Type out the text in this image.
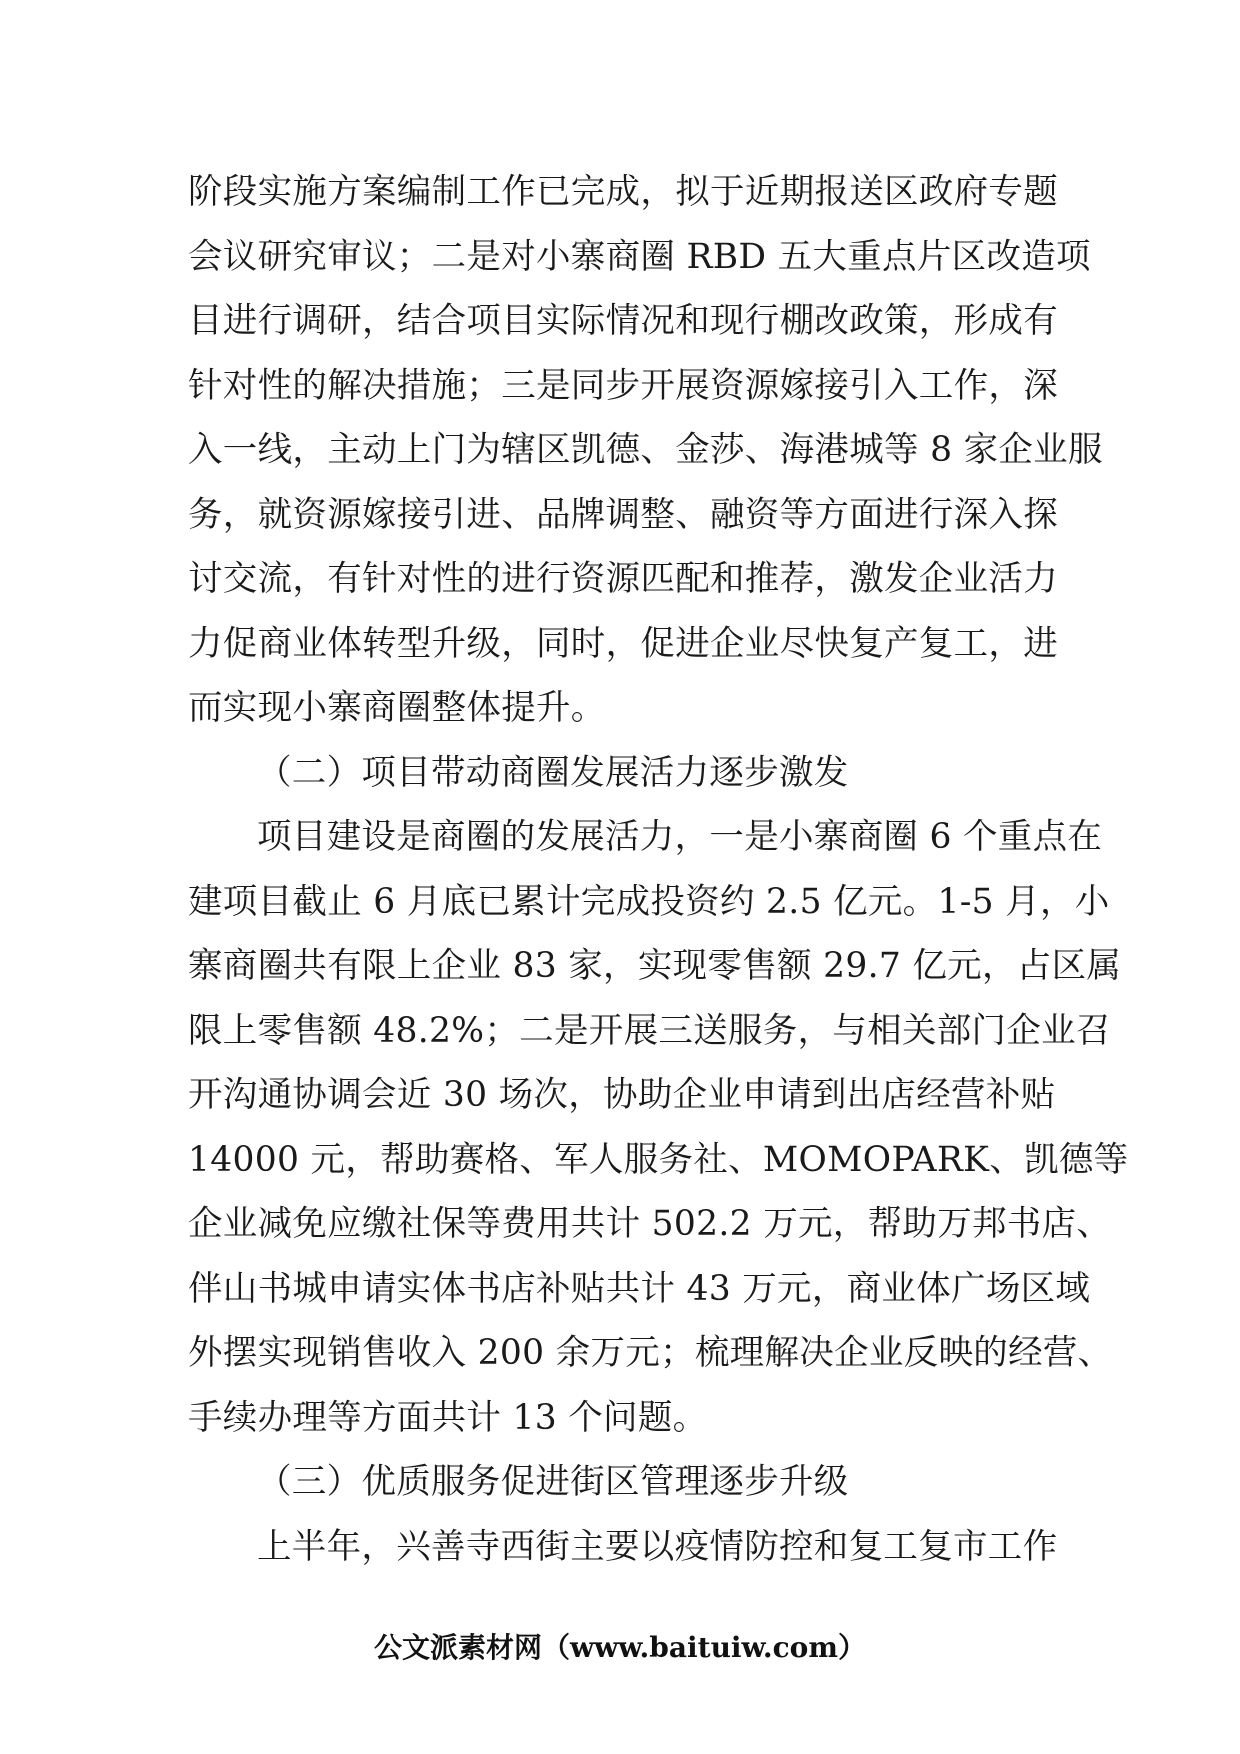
阶段实施方案编制工作已完成，拟于近期报送区政府专题
会议研究审议；二是对小寨商圈 RBD 五大重点片区改造项
目进行调研，结合项目实际情况和现行棚改政策，形成有
针对性的解决措施；三是同步开展资源嫁接引入工作，深
入一线，主动上门为辖区凯德、金莎、海港城等 8 家企业服
务，就资源嫁接引进、品牌调整、融资等方面进行深入探
讨交流，有针对性的进行资源匹配和推荐，激发企业活力
力促商业体转型升级，同时，促进企业尽快复产复工，进
而实现小寨商圈整体提升。
（二）项目带动商圈发展活力逐步激发
项目建设是商圈的发展活力，一是小寨商圈 6 个重点在
建项目截止 6 月底已累计完成投资约 2.5 亿元。1-5 月，小
寨商圈共有限上企业 83 家，实现零售额 29.7 亿元，占区属
限上零售额 48.2%；二是开展三送服务，与相关部门企业召
开沟通协调会近 30 场次，协助企业申请到出店经营补贴
14000 元，帮助赛格、军人服务社、MOMOPARK、凯德等
企业减免应缴社保等费用共计 502.2 万元，帮助万邦书店、
伴山书城申请实体书店补贴共计 43 万元，商业体广场区域
外摆实现销售收入 200 余万元；梳理解决企业反映的经营、
手续办理等方面共计 13 个问题。
（三）优质服务促进街区管理逐步升级
上半年，兴善寺西街主要以疫情防控和复工复市工作
公文派素材网（www.baituiw.com）
